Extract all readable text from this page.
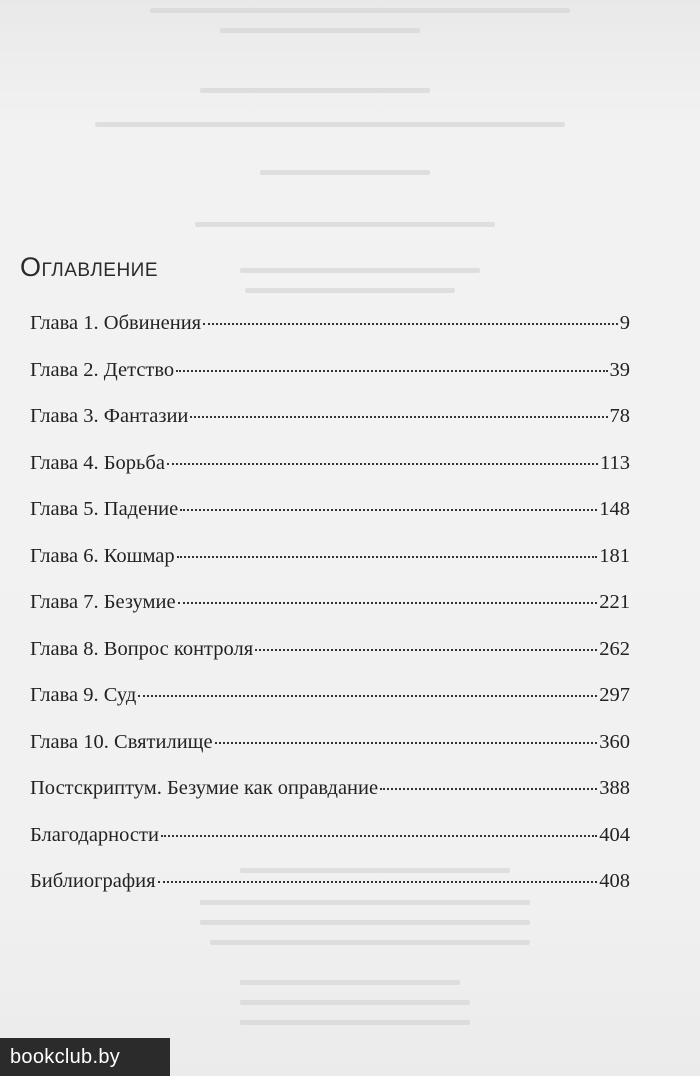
Оглавление
Глава 1. Обвинения	9
Глава 2. Детство	39
Глава 3. Фантазии	78
Глава 4. Борьба	113
Глава 5. Падение	148
Глава 6. Кошмар	181
Глава 7. Безумие	221
Глава 8. Вопрос контроля	262
Глава 9. Суд	297
Глава 10. Святилище	360
Постскриптум. Безумие как оправдание	388
Благодарности	404
Библиография	408
bookclub.by
